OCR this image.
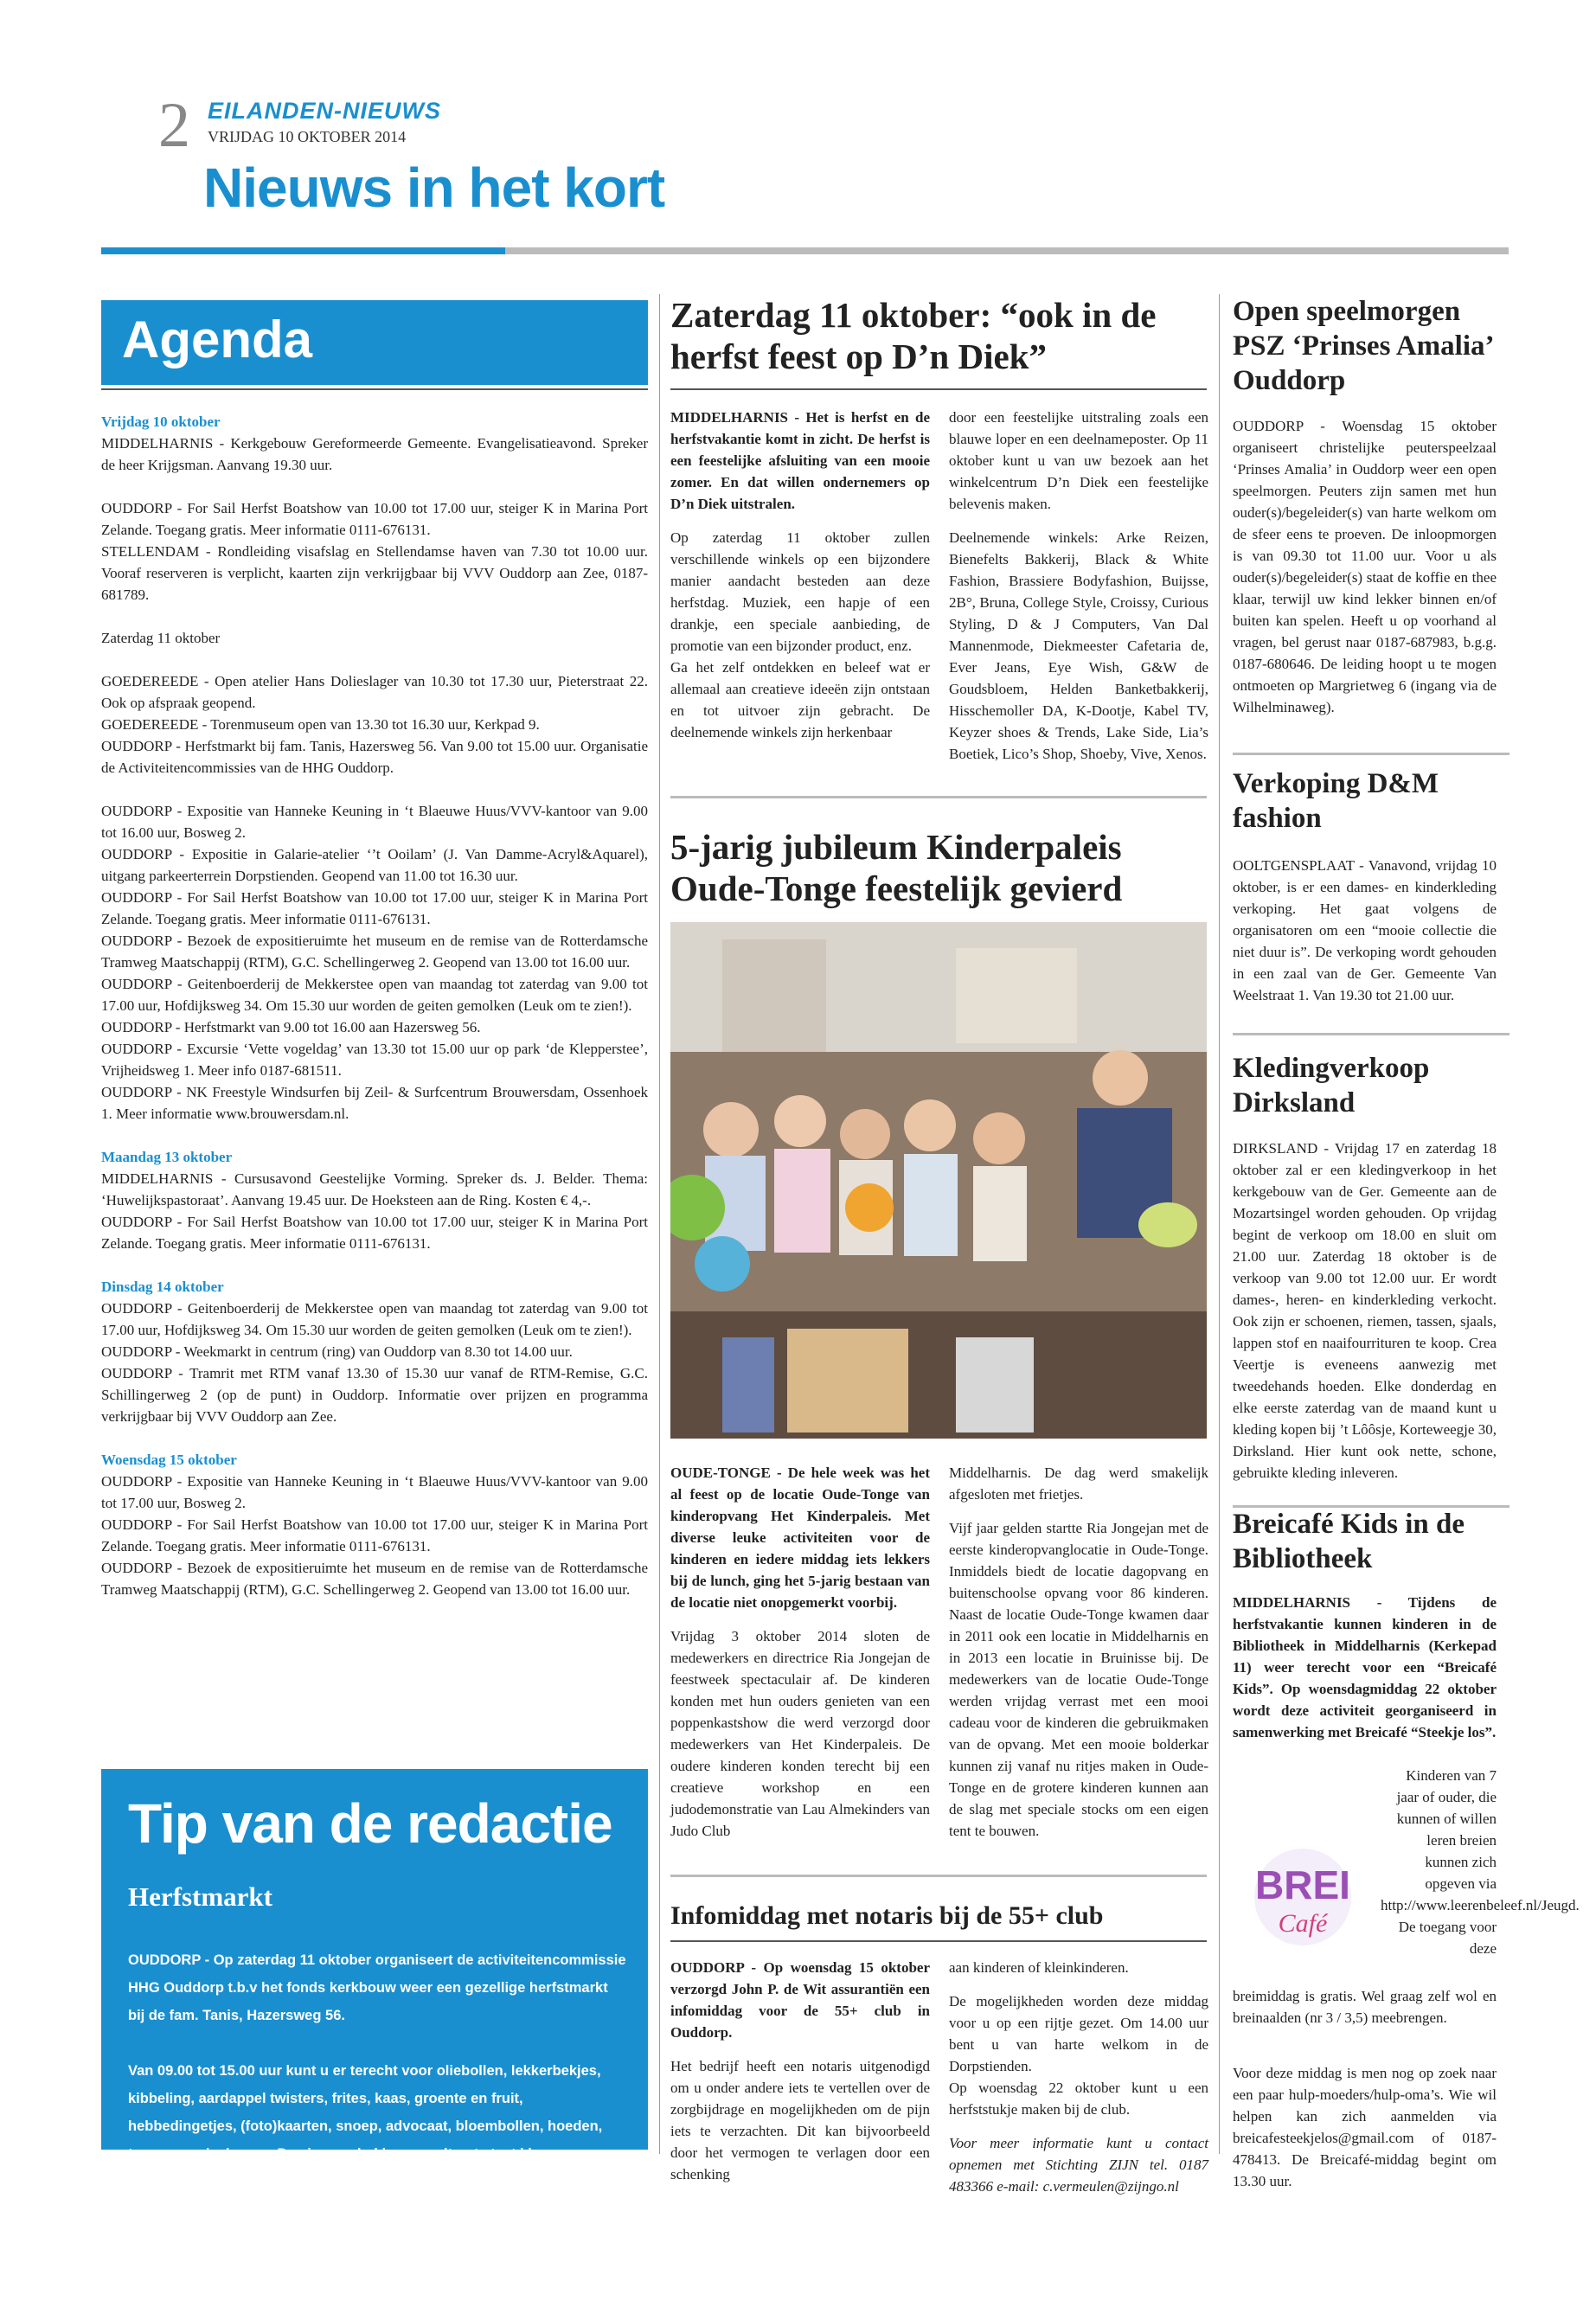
2 EILANDEN-NIEUWS
VRIJDAG 10 OKTOBER 2014
Nieuws in het kort
Agenda

Vrijdag 10 oktober

MIDDELHARNIS - Kerkgebouw Gereformeerde Gemeente. Evangelisatieavond. Spreker de heer Krijgsman. Aanvang 19.30 uur.

OUDDORP - For Sail Herfst Boatshow van 10.00 tot 17.00 uur, steiger K in Marina Port Zelande. Toegang gratis. Meer informatie 0111-676131.

STELLENDAM - Rondleiding visafslag en Stellendamse haven van 7.30 tot 10.00 uur. Vooraf reserveren is verplicht, kaarten zijn verkrijgbaar bij VVV Ouddorp aan Zee, 0187-681789.

Zaterdag 11 oktober

GOEDEREEDE - Open atelier Hans Dolieslager van 10.30 tot 17.30 uur, Pieterstraat 22. Ook op afspraak geopend.

GOEDEREEDE - Torenmuseum open van 13.30 tot 16.30 uur, Kerkpad 9.

OUDDORP - Herfstmarkt bij fam. Tanis, Hazersweg 56. Van 9.00 tot 15.00 uur. Organisatie de Activiteitencommissies van de HHG Ouddorp.

OUDDORP - Expositie van Hanneke Keuning in ‘t Blaeuwe Huus/VVV-kantoor van 9.00 tot 16.00 uur, Bosweg 2.

OUDDORP - Expositie in Galarie-atelier ‘’t Ooilam’ (J. Van Damme-Acryl&Aquarel), uitgang parkeerterrein Dorpstienden. Geopend van 11.00 tot 16.30 uur.

OUDDORP - For Sail Herfst Boatshow van 10.00 tot 17.00 uur, steiger K in Marina Port Zelande. Toegang gratis. Meer informatie 0111-676131.

OUDDORP - Bezoek de expositieruimte het museum en de remise van de Rotterdamsche Tramweg Maatschappij (RTM), G.C. Schellingerweg 2. Geopend van 13.00 tot 16.00 uur.

OUDDORP - Geitenboerderij de Mekkerstee open van maandag tot zaterdag van 9.00 tot 17.00 uur, Hofdijksweg 34. Om 15.30 uur worden de geiten gemolken (Leuk om te zien!).

OUDDORP - Herfstmarkt van 9.00 tot 16.00 aan Hazersweg 56.

OUDDORP - Excursie ‘Vette vogeldag’ van 13.30 tot 15.00 uur op park ‘de Klepperstee’, Vrijheidsweg 1. Meer info 0187-681511.

OUDDORP - NK Freestyle Windsurfen bij Zeil- & Surfcentrum Brouwersdam, Ossenhoek 1. Meer informatie www.brouwersdam.nl.

Maandag 13 oktober

MIDDELHARNIS - Cursusavond Geestelijke Vorming. Spreker ds. J. Belder. Thema: ‘Huwelijkspastoraat’. Aanvang 19.45 uur. De Hoeksteen aan de Ring. Kosten € 4,-.

OUDDORP - For Sail Herfst Boatshow van 10.00 tot 17.00 uur, steiger K in Marina Port Zelande. Toegang gratis. Meer informatie 0111-676131.

Dinsdag 14 oktober

OUDDORP - Geitenboerderij de Mekkerstee open van maandag tot zaterdag van 9.00 tot 17.00 uur, Hofdijksweg 34. Om 15.30 uur worden de geiten gemolken (Leuk om te zien!).

OUDDORP - Weekmarkt in centrum (ring) van Ouddorp van 8.30 tot 14.00 uur.

OUDDORP - Tramrit met RTM vanaf 13.30 of 15.30 uur vanaf de RTM-Remise, G.C. Schillingerweg 2 (op de punt) in Ouddorp. Informatie over prijzen en programma verkrijgbaar bij VVV Ouddorp aan Zee.

Woensdag 15 oktober

OUDDORP - Expositie van Hanneke Keuning in ‘t Blaeuwe Huus/VVV-kantoor van 9.00 tot 17.00 uur, Bosweg 2.

OUDDORP - For Sail Herfst Boatshow van 10.00 tot 17.00 uur, steiger K in Marina Port Zelande. Toegang gratis. Meer informatie 0111-676131.

OUDDORP - Bezoek de expositieruimte het museum en de remise van de Rotterdamsche Tramweg Maatschappij (RTM), G.C. Schellingerweg 2. Geopend van 13.00 tot 16.00 uur.

Tip van de redactie
Herfstmarkt

OUDDORP - Op zaterdag 11 oktober organiseert de activiteitencommissie HHG Ouddorp t.b.v het fonds kerkbouw weer een gezellige herfstmarkt bij de fam. Tanis, Hazersweg 56.

Van 09.00 tot 15.00 uur kunt u er terecht voor oliebollen, lekkerbekjes, kibbeling, aardappel twisters, frites, kaas, groente en fruit, hebbedingetjes, (foto)kaarten, snoep, advocaat, bloembollen, hoeden, tassen en sjaals, enz. De eigen gebakken appeltaart staat klaar.

Zaterdag 11 oktober: “ook in de herfst feest op D’n Diek”

MIDDELHARNIS - Het is herfst en de herfstvakantie komt in zicht. De herfst is een feestelijke afsluiting van een mooie zomer. En dat willen ondernemers op D’n Diek uitstralen.

Op zaterdag 11 oktober zullen verschillende winkels op een bijzondere manier aandacht besteden aan deze herfstdag. Muziek, een hapje of een drankje, een speciale aanbieding, de promotie van een bijzonder product, enz.

Ga het zelf ontdekken en beleef wat er allemaal aan creatieve ideeën zijn ontstaan en tot uitvoer zijn gebracht. De deelnemende winkels zijn herkenbaar

door een feestelijke uitstraling zoals een blauwe loper en een deelnameposter. Op 11 oktober kunt u van uw bezoek aan het winkelcentrum D’n Diek een feestelijke belevenis maken.

Deelnemende winkels: Arke Reizen, Bienefelts Bakkerij, Black & White Fashion, Brassiere Bodyfashion, Buijsse, 2B°, Bruna, College Style, Croissy, Curious Styling, D & J Computers, Van Dal Mannenmode, Diekmeester Cafetaria de, Ever Jeans, Eye Wish, G&W de Goudsbloem, Helden Banketbakkerij, Hisschemoller DA, K-Dootje, Kabel TV, Keyzer shoes & Trends, Lake Side, Lia’s Boetiek, Lico’s Shop, Shoeby, Vive, Xenos.

5-jarig jubileum Kinderpaleis Oude-Tonge feestelijk gevierd

OUDE-TONGE - De hele week was het al feest op de locatie Oude-Tonge van kinderopvang Het Kinderpaleis. Met diverse leuke activiteiten voor de kinderen en iedere middag iets lekkers bij de lunch, ging het 5-jarig bestaan van de locatie niet onopgemerkt voorbij.

Vrijdag 3 oktober 2014 sloten de medewerkers en directrice Ria Jongejan de feestweek spectaculair af. De kinderen konden met hun ouders genieten van een poppenkastshow die werd verzorgd door medewerkers van Het Kinderpaleis. De oudere kinderen konden terecht bij een creatieve workshop en een judodemonstratie van Lau Almekinders van Judo Club

Middelharnis. De dag werd smakelijk afgesloten met frietjes.

Vijf jaar gelden startte Ria Jongejan met de eerste kinderopvanglocatie in Oude-Tonge. Inmiddels biedt de locatie dagopvang en buitenschoolse opvang voor 86 kinderen. Naast de locatie Oude-Tonge kwamen daar in 2011 ook een locatie in Middelharnis en in 2013 een locatie in Bruinisse bij. De medewerkers van de locatie Oude-Tonge werden vrijdag verrast met een mooi cadeau voor de kinderen die gebruikmaken van de opvang. Met een mooie bolderkar kunnen zij vanaf nu ritjes maken in Oude-Tonge en de grotere kinderen kunnen aan de slag met speciale stocks om een eigen tent te bouwen.

Infomiddag met notaris bij de 55+ club

OUDDORP - Op woensdag 15 oktober verzorgd John P. de Wit assurantiën een infomiddag voor de 55+ club in Ouddorp.

Het bedrijf heeft een notaris uitgenodigd om u onder andere iets te vertellen over de zorgbijdrage en mogelijkheden om de pijn iets te verzachten. Dit kan bijvoorbeeld door het vermogen te verlagen door een schenking

aan kinderen of kleinkinderen.

De mogelijkheden worden deze middag voor u op een rijtje gezet. Om 14.00 uur bent u van harte welkom in de Dorpstienden.

Op woensdag 22 oktober kunt u een herfststukje maken bij de club.

Voor meer informatie kunt u contact opnemen met Stichting ZIJN tel. 0187 483366 e-mail: c.vermeulen@zijngo.nl

Open speelmorgen PSZ ‘Prinses Amalia’ Ouddorp
OUDDORP - Woensdag 15 oktober organiseert christelijke peuterspeelzaal ‘Prinses Amalia’ in Ouddorp weer een open speelmorgen. Peuters zijn samen met hun ouder(s)/begeleider(s) van harte welkom om de sfeer eens te proeven. De inloopmorgen is van 09.30 tot 11.00 uur. Voor u als ouder(s)/begeleider(s) staat de koffie en thee klaar, terwijl uw kind lekker binnen en/of buiten kan spelen. Heeft u op voorhand al vragen, bel gerust naar 0187-687983, b.g.g. 0187-680646. De leiding hoopt u te mogen ontmoeten op Margrietweg 6 (ingang via de Wilhelminaweg).
Verkoping D&M fashion
OOLTGENSPLAAT - Vanavond, vrijdag 10 oktober, is er een dames- en kinderkleding verkoping. Het gaat volgens de organisatoren om een “mooie collectie die niet duur is”. De verkoping wordt gehouden in een zaal van de Ger. Gemeente Van Weelstraat 1. Van 19.30 tot 21.00 uur.
Kledingverkoop Dirksland
DIRKSLAND - Vrijdag 17 en zaterdag 18 oktober zal er een kledingverkoop in het kerkgebouw van de Ger. Gemeente aan de Mozartsingel worden gehouden. Op vrijdag begint de verkoop om 18.00 en sluit om 21.00 uur. Zaterdag 18 oktober is de verkoop van 9.00 tot 12.00 uur. Er wordt dames-, heren- en kinderkleding verkocht. Ook zijn er schoenen, riemen, tassen, sjaals, lappen stof en naaifourrituren te koop. Crea Veertje is eveneens aanwezig met tweedehands hoeden. Elke donderdag en elke eerste zaterdag van de maand kunt u kleding kopen bij ’t Lôôsje, Korteweegje 30, Dirksland. Hier kunt ook nette, schone, gebruikte kleding inleveren.
Breicafé Kids in de Bibliotheek
MIDDELHARNIS - Tijdens de herfstvakantie kunnen kinderen in de Bibliotheek in Middelharnis (Kerkepad 11) weer terecht voor een “Breicafé Kids”. Op woensdagmiddag 22 oktober wordt deze activiteit georganiseerd in samenwerking met Breicafé “Steekje los”.
BREI
Café
Kinderen van 7 jaar of ouder, die kunnen of willen leren breien kunnen zich opgeven via http://www.leerenbeleef.nl/Jeugd. De toegang voor deze
breimiddag is gratis. Wel graag zelf wol en breinaalden (nr 3 / 3,5) meebrengen.
Voor deze middag is men nog op zoek naar een paar hulp-moeders/hulp-oma’s. Wie wil helpen kan zich aanmelden via breicafesteekjelos@gmail.com of 0187-478413. De Breicafé-middag begint om 13.30 uur.
